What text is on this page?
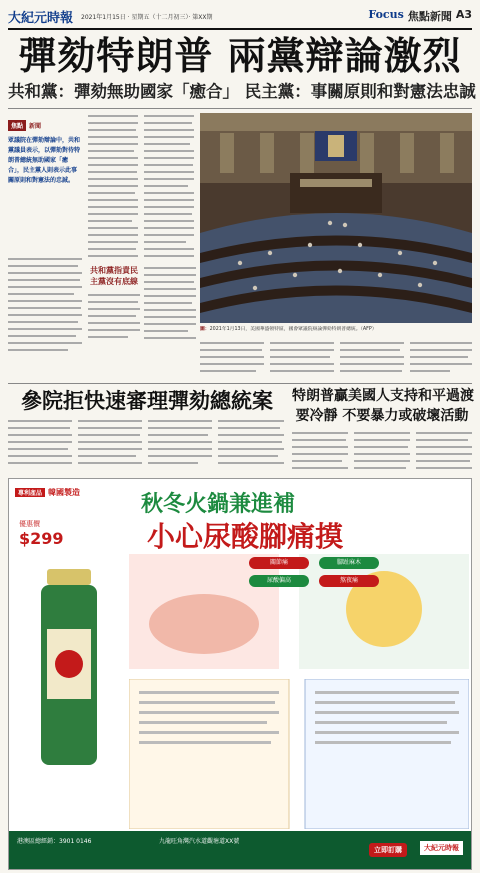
大紀元時報 2021年1月15日 · 星期五（十二月初三）· 第XX期	Focus 焦點新聞 A3
彈劾特朗普 兩黨辯論激烈
共和黨：彈劾無助國家「癒合」 民主黨：事關原則和對憲法忠誠
焦點 新聞
眾議院在彈劾辯論中，共和黨議員表示，以彈劾對待特朗普總統無助國家「癒合」，民主黨人則表示此事關原則和對憲法的忠誠。
共和黨指責民主黨沒有底線
圖：2021年1月13日，美國華盛頓特區，國會眾議院辯論彈劾特朗普總統。（AFP）
參院拒快速審理彈劾總統案	特朗普贏美國人支持和平過渡
要冷靜 不要暴力或破壞活動
專利產品 韓國製造	秋冬火鍋兼進補
小心尿酸腳痛摸
優惠價
$299
關節痛
尿酸偏高
腳趾麻木
熬夜痛
港澳區總經銷：3901 0146	九龍旺角灣汽水道觀塘道XX號
立即訂購	大紀元時報
